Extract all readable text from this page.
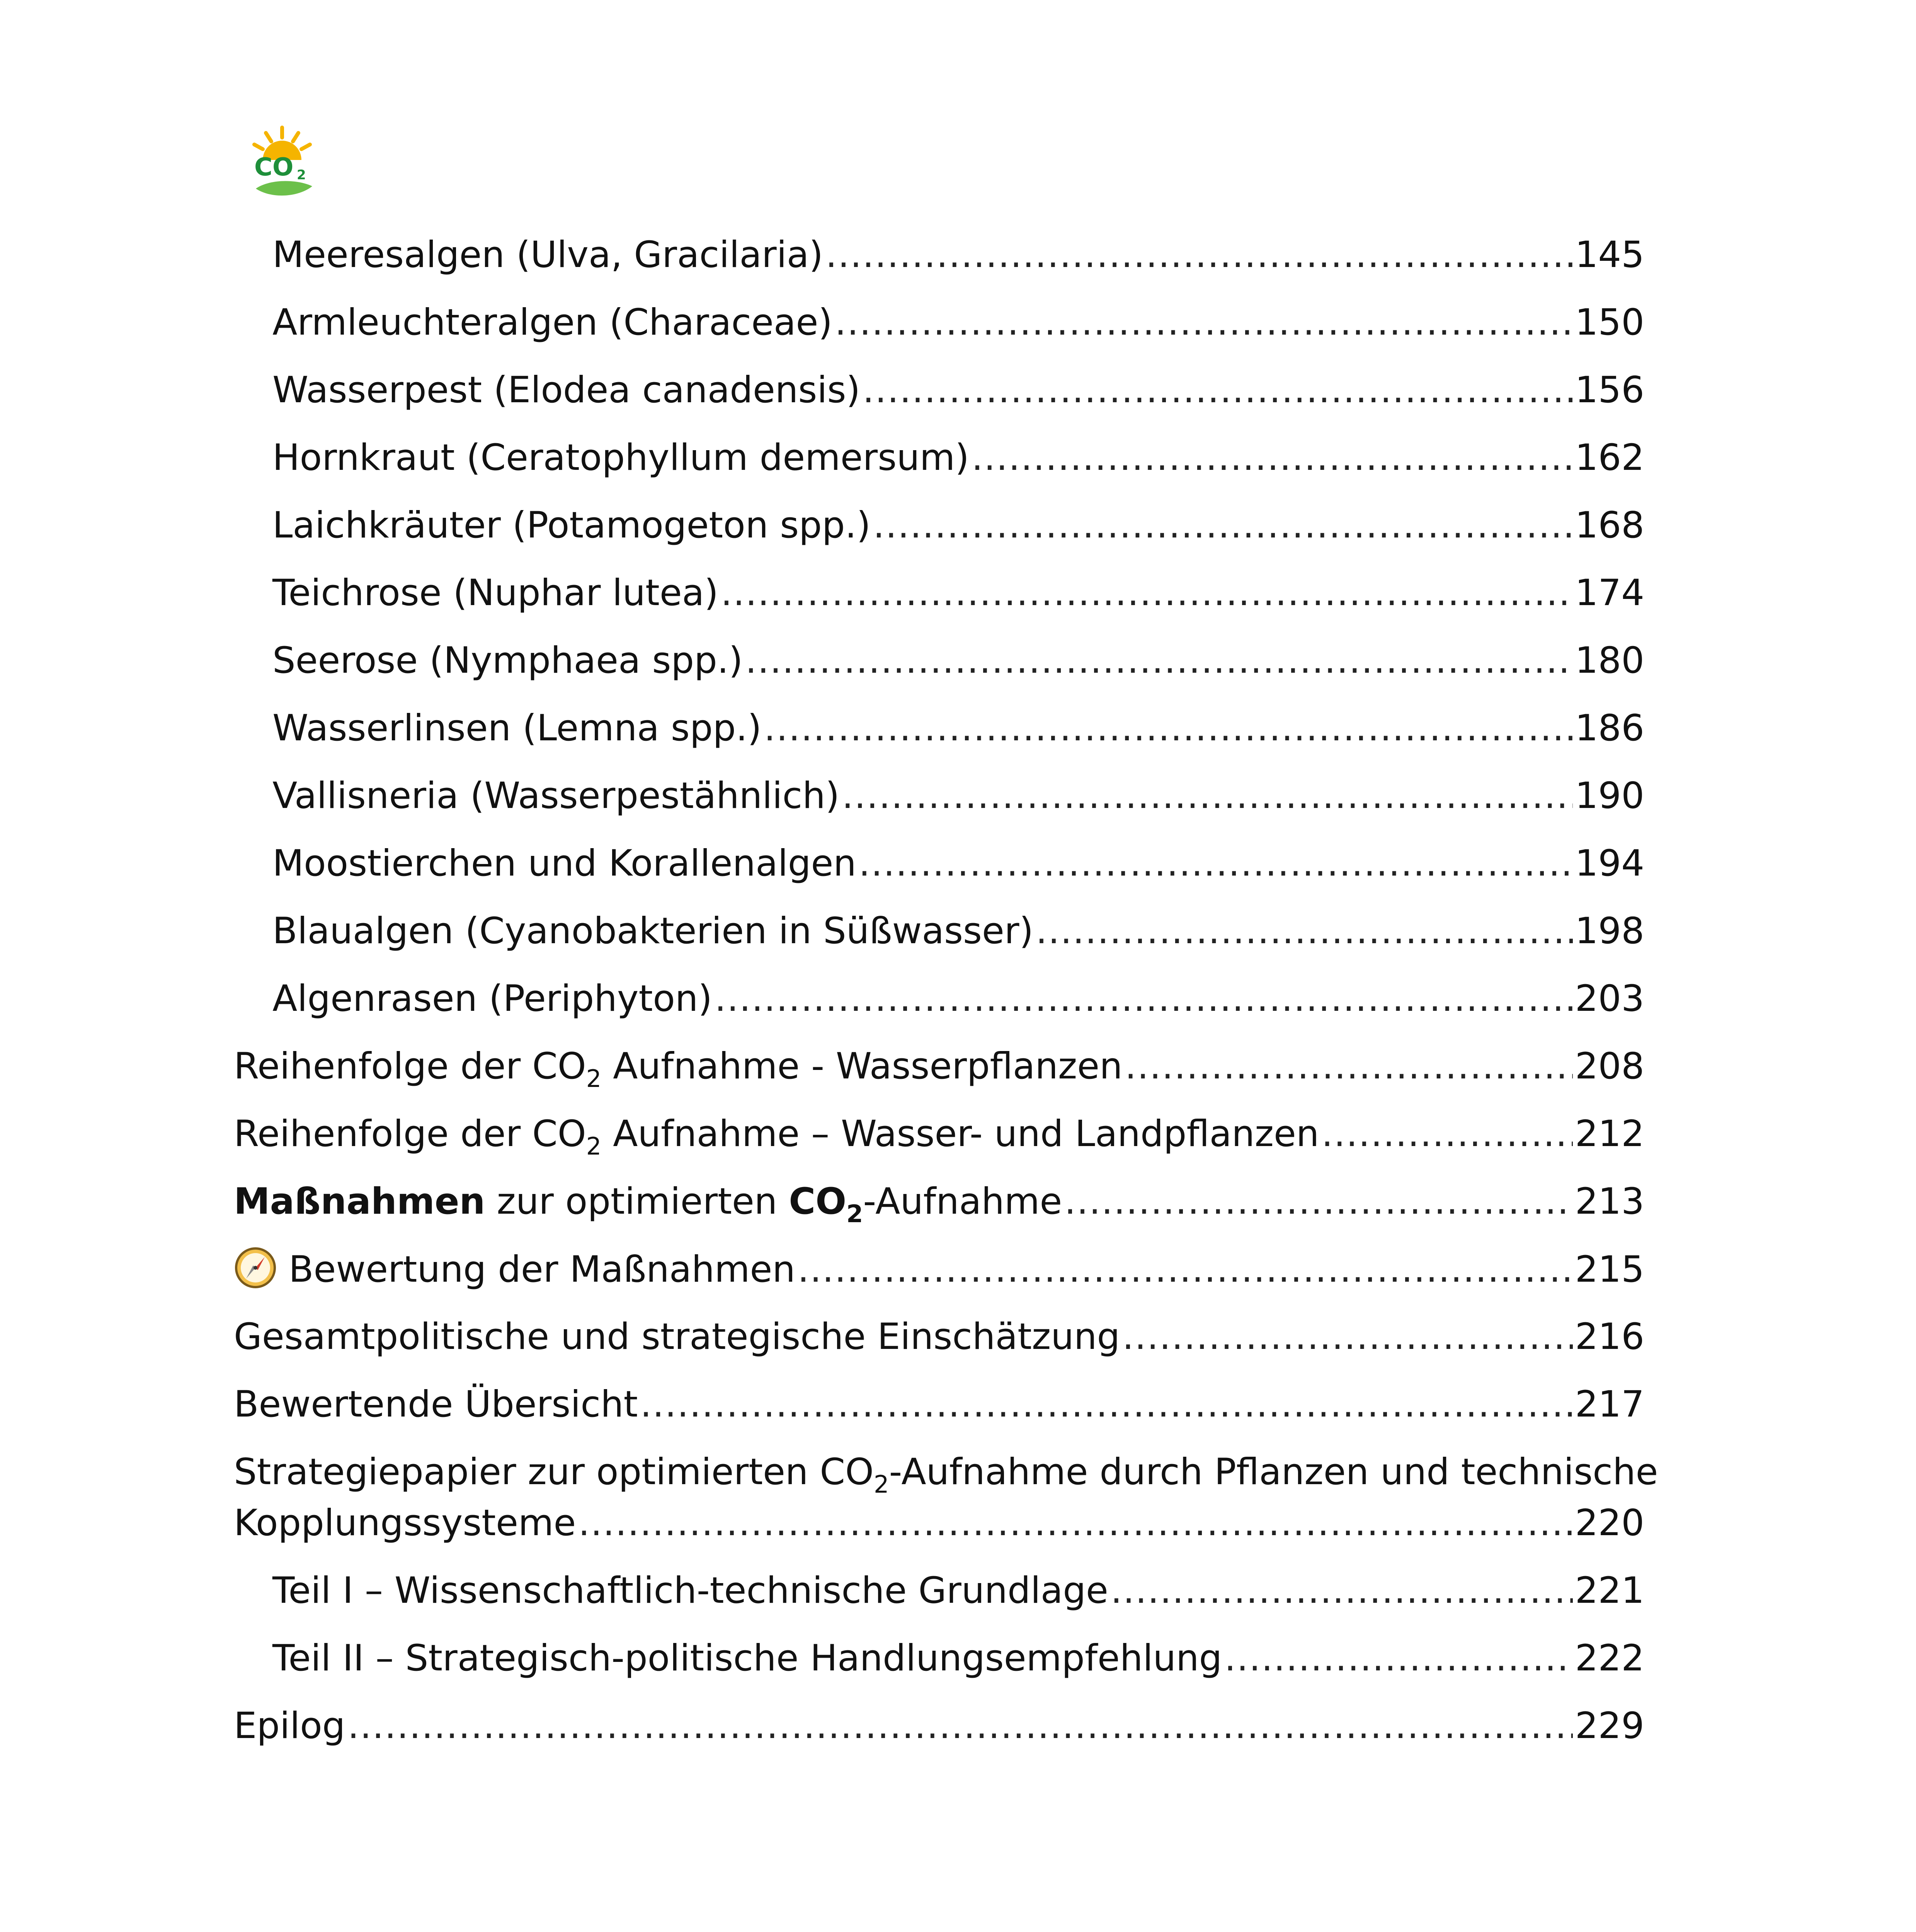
CO 2
Meeresalgen (Ulva, Gracilaria) .....	145
Armleuchteralgen (Characeae) .....	150
Wasserpest (Elodea canadensis) .....	156
Hornkraut (Ceratophyllum demersum) .....	162
Laichkräuter (Potamogeton spp.) .....	168
Teichrose (Nuphar lutea) .....	174
Seerose (Nymphaea spp.) .....	180
Wasserlinsen (Lemna spp.) .....	186
Vallisneria (Wasserpestähnlich) .....	190
Moostierchen und Korallenalgen .....	194
Blaualgen (Cyanobakterien in Süßwasser) .....	198
Algenrasen (Periphyton) .....	203
Reihenfolge der $CO_2$ Aufnahme - Wasserpflanzen .....	208
Reihenfolge der $CO_2$ Aufnahme – Wasser- und Landpflanzen .....	212
Maßnahmen zur optimierten $CO_2$-Aufnahme .....	213
Bewertung der Maßnahmen .....	215
Gesamtpolitische und strategische Einschätzung .....	216
Bewertende Übersicht .....	217
Strategiepapier zur optimierten $CO_2$-Aufnahme durch Pflanzen und technische
Kopplungssysteme .....	220
Teil I – Wissenschaftlich-technische Grundlage .....	221
Teil II – Strategisch-politische Handlungsempfehlung .....	222
Epilog .....	229
